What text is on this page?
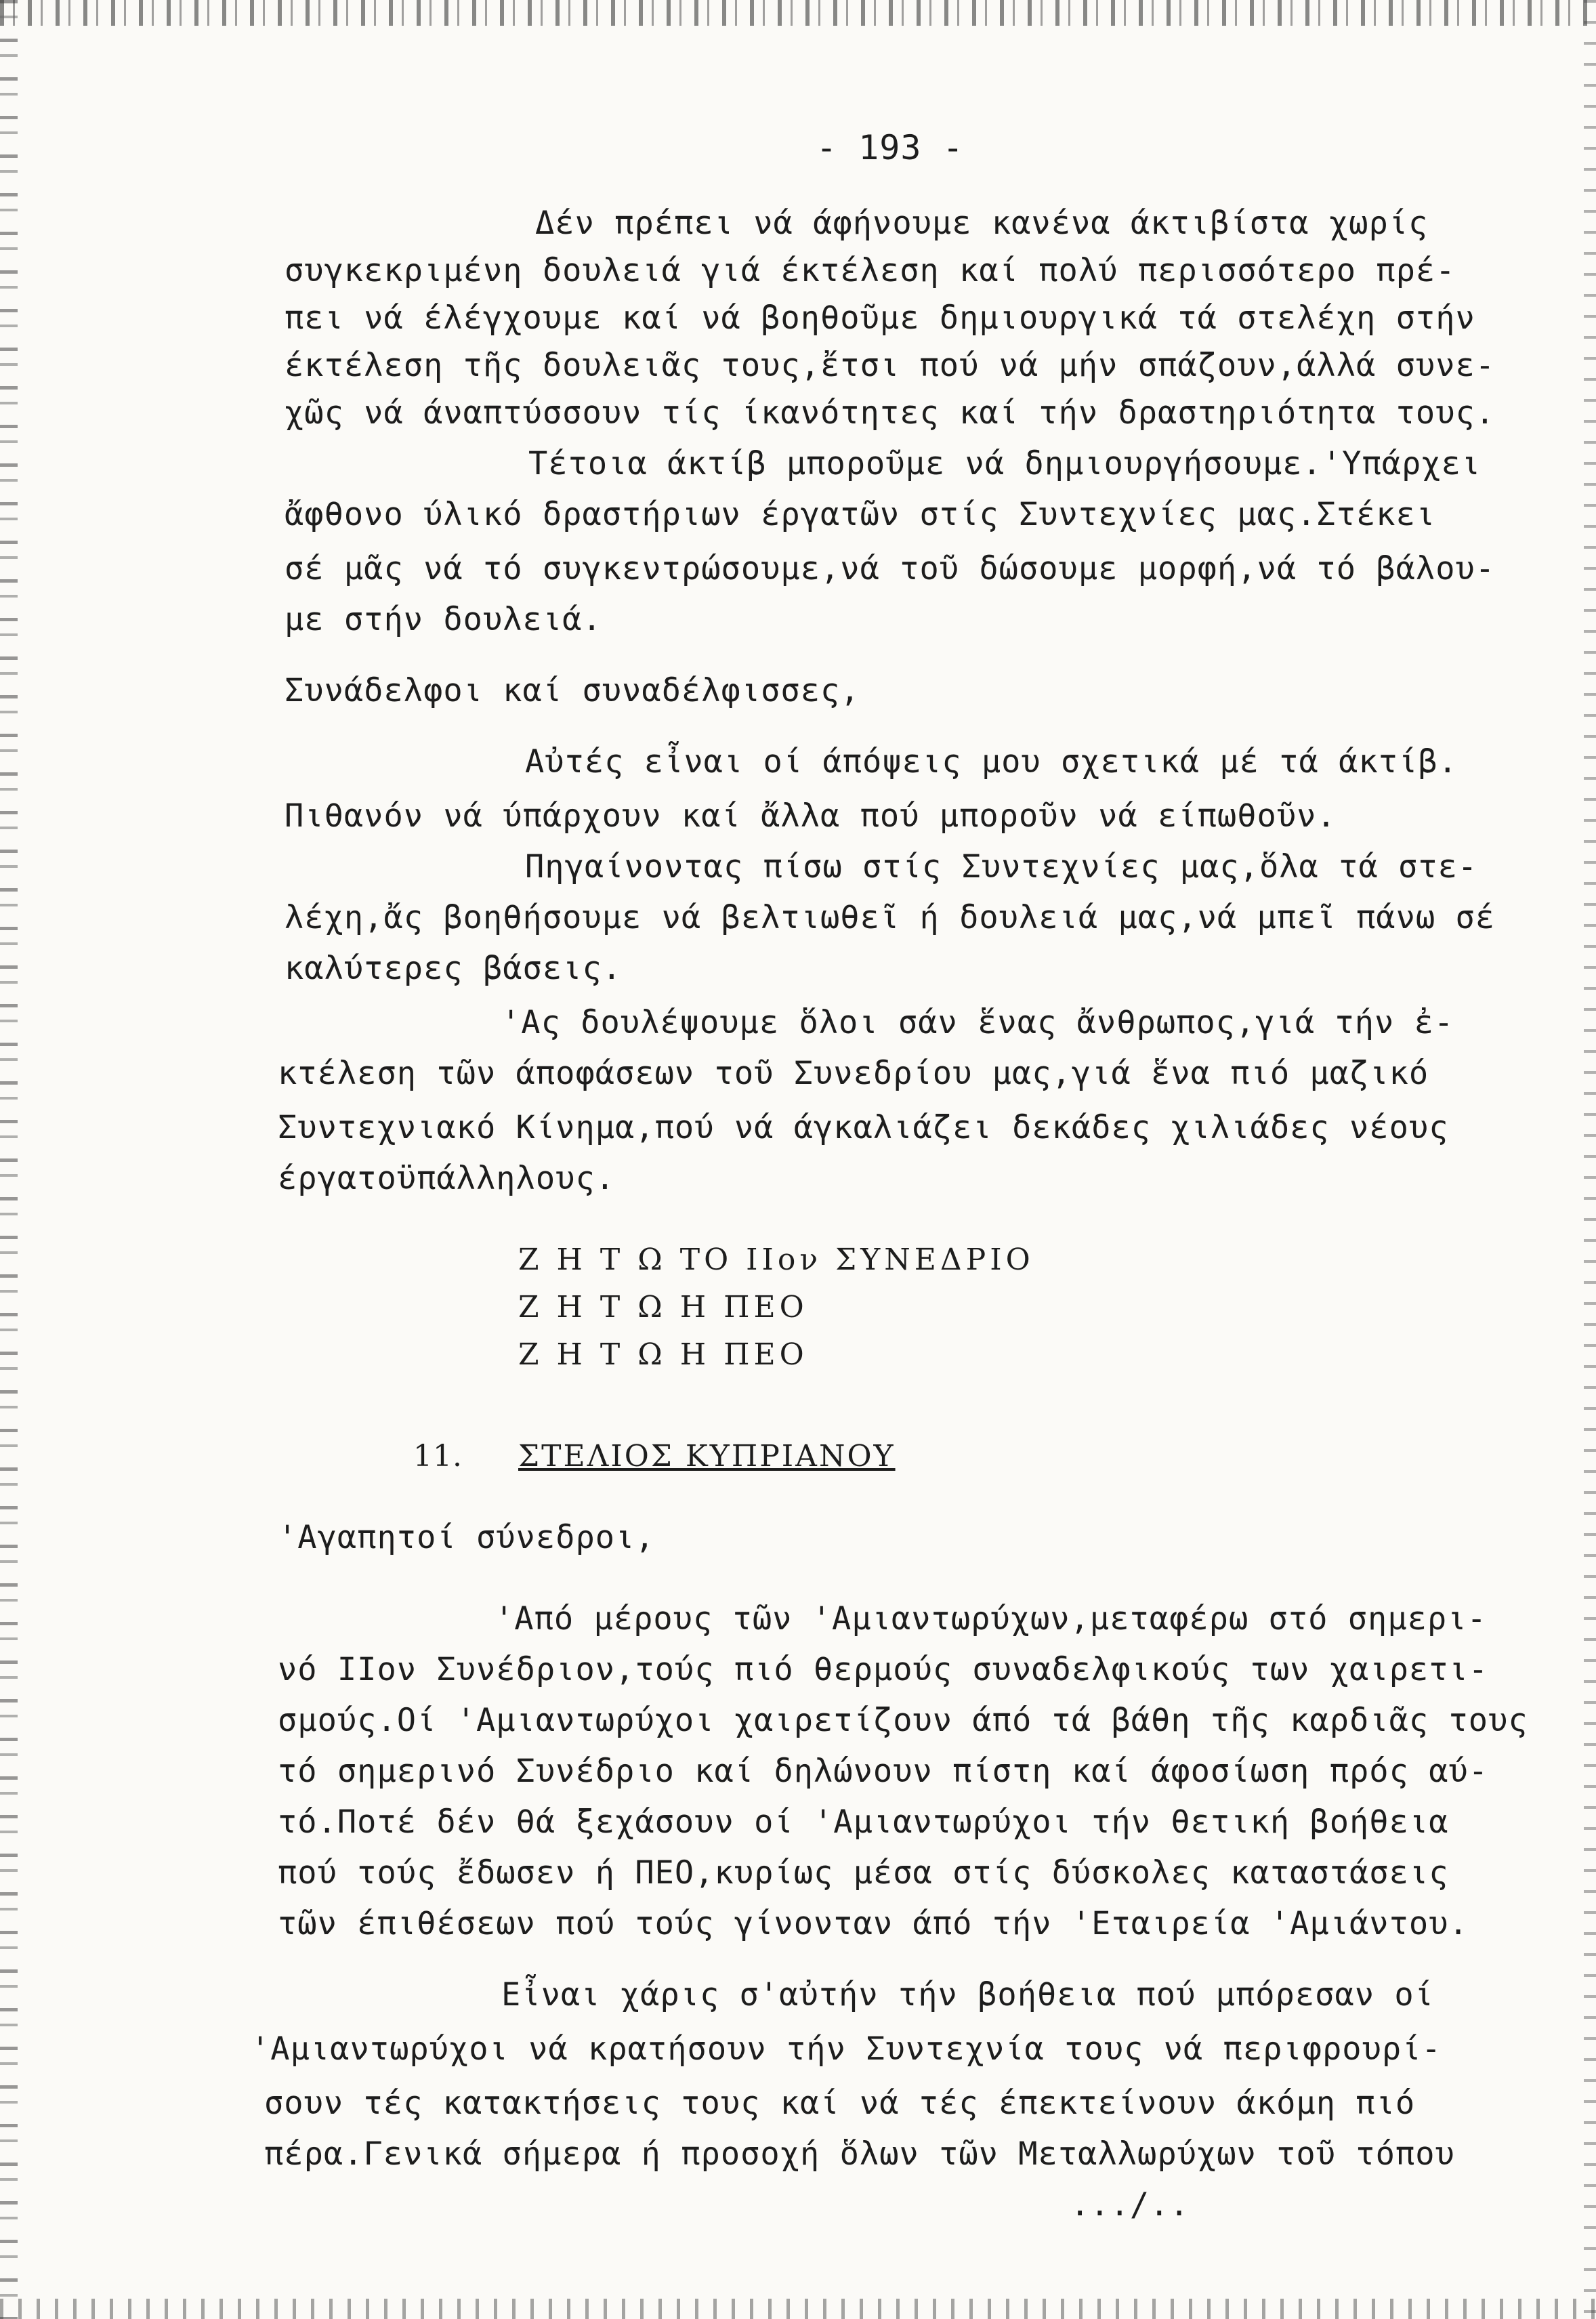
- 193 -
Δέν πρέπει νά άφήνουμε κανένα άκτιβίστα χωρίς
συγκεκριμένη δουλειά γιά έκτέλεση καί πολύ περισσότερο πρέ-
πει νά έλέγχουμε καί νά βοηθοῦμε δημιουργικά τά στελέχη στήν
έκτέλεση τῆς δουλειᾶς τους,ἔτσι πού νά μήν σπάζουν,άλλά συνε-
χῶς νά άναπτύσσουν τίς ίκανότητες καί τήν δραστηριότητα τους.
Τέτοια άκτίβ μποροῦμε νά δημιουργήσουμε.'Υπάρχει
ἄφθονο ύλικό δραστήριων έργατῶν στίς Συντεχνίες μας.Στέκει
σέ μᾶς νά τό συγκεντρώσουμε,νά τοῦ δώσουμε μορφή,νά τό βάλου-
με στήν δουλειά.
Συνάδελφοι καί συναδέλφισσες,
Αὐτές εἶναι οί άπόψεις μου σχετικά μέ τά άκτίβ.
Πιθανόν νά ύπάρχουν καί ἄλλα πού μποροῦν νά είπωθοῦν.
Πηγαίνοντας πίσω στίς Συντεχνίες μας,ὅλα τά στε-
λέχη,ἄς βοηθήσουμε νά βελτιωθεῖ ή δουλειά μας,νά μπεῖ πάνω σέ
καλύτερες βάσεις.
'Ας δουλέψουμε ὅλοι σάν ἕνας ἄνθρωπος,γιά τήν ἐ-
κτέλεση τῶν άποφάσεων τοῦ Συνεδρίου μας,γιά ἕνα πιό μαζικό
Συντεχνιακό Κίνημα,πού νά άγκαλιάζει δεκάδες χιλιάδες νέους
έργατοϋπάλληλους.
Ζ Η Τ Ω ΤΟ ΙΙον ΣΥΝΕΔΡΙΟ
Ζ Η Τ Ω Η ΠΕΟ
Ζ Η Τ Ω Η ΠΕΟ
11. ΣΤΕΛΙΟΣ ΚΥΠΡΙΑΝΟΥ
'Αγαπητοί σύνεδροι,
'Από μέρους τῶν 'Αμιαντωρύχων,μεταφέρω στό σημερι-
νό ΙΙον Συνέδριον,τούς πιό θερμούς συναδελφικούς των χαιρετι-
σμούς.Οί 'Αμιαντωρύχοι χαιρετίζουν άπό τά βάθη τῆς καρδιᾶς τους
τό σημερινό Συνέδριο καί δηλώνουν πίστη καί άφοσίωση πρός αύ-
τό.Ποτέ δέν θά ξεχάσουν οί 'Αμιαντωρύχοι τήν θετική βοήθεια
πού τούς ἔδωσεν ή ΠΕΟ,κυρίως μέσα στίς δύσκολες καταστάσεις
τῶν έπιθέσεων πού τούς γίνονταν άπό τήν 'Εταιρεία 'Αμιάντου.
Εἶναι χάρις σ'αὐτήν τήν βοήθεια πού μπόρεσαν οί
'Αμιαντωρύχοι νά κρατήσουν τήν Συντεχνία τους νά περιφρουρί-
σουν τές κατακτήσεις τους καί νά τές έπεκτείνουν άκόμη πιό
πέρα.Γενικά σήμερα ή προσοχή ὅλων τῶν Μεταλλωρύχων τοῦ τόπου
.../..
